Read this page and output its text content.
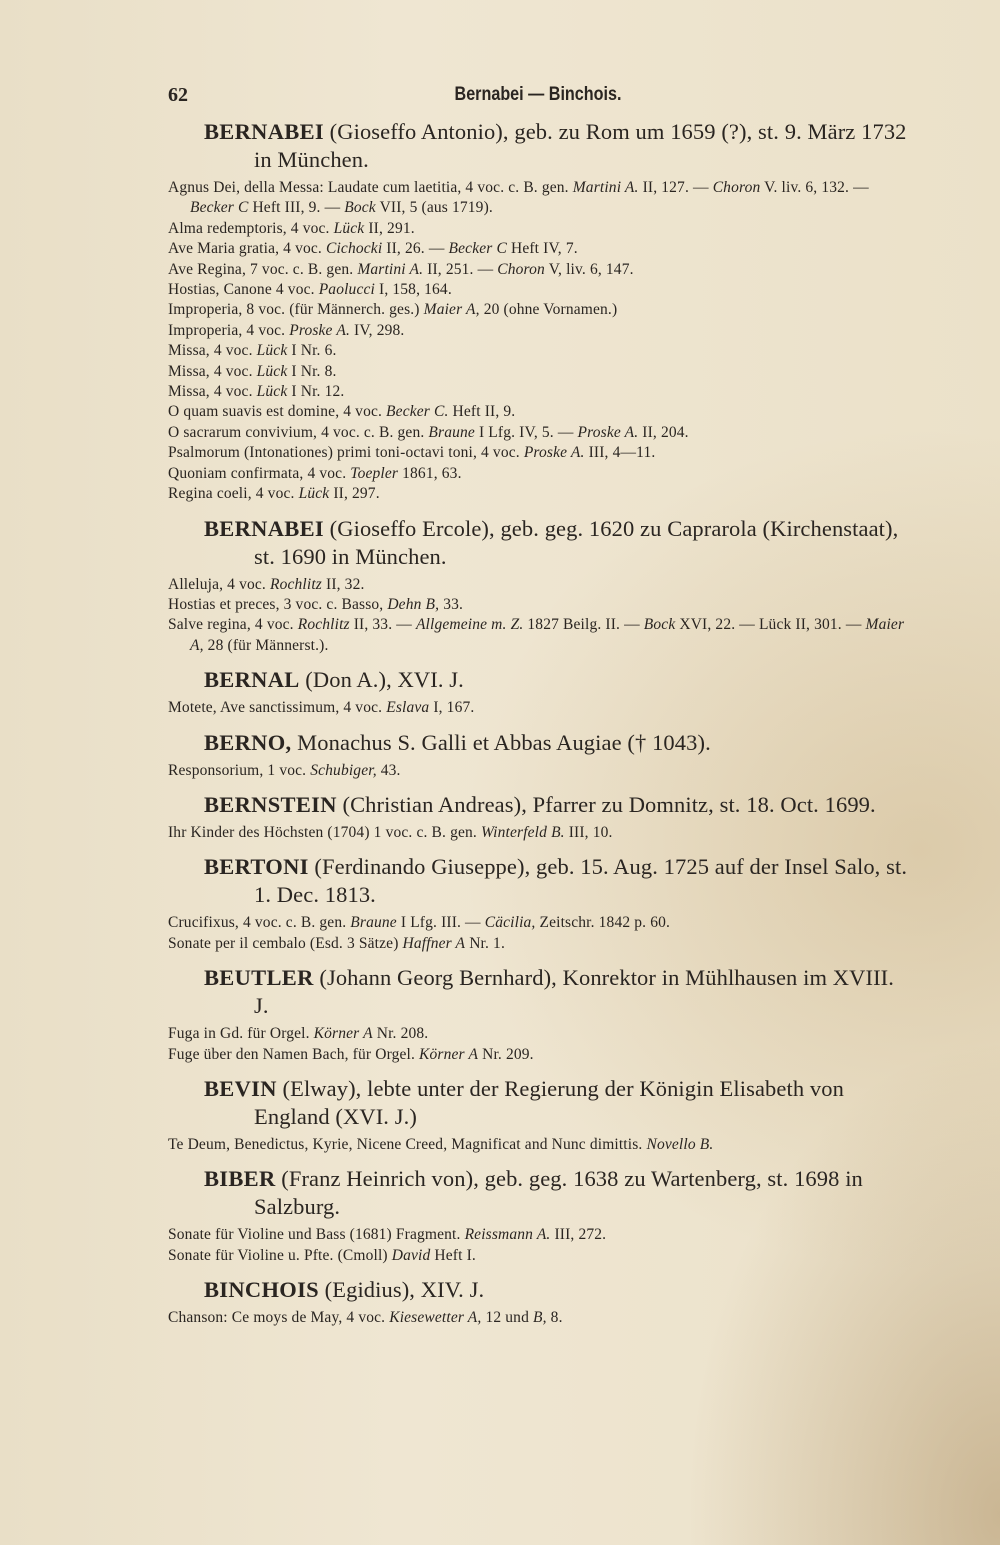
62	Bernabei — Binchois.

BERNABEI (Gioseffo Antonio), geb. zu Rom um 1659 (?), st. 9. März 1732 in München.

Agnus Dei, della Messa: Laudate cum laetitia, 4 voc. c. B. gen. Martini A. II, 127. — Choron V. liv. 6, 132. — Becker C Heft III, 9. — Bock VII, 5 (aus 1719).

Alma redemptoris, 4 voc. Lück II, 291.

Ave Maria gratia, 4 voc. Cichocki II, 26. — Becker C Heft IV, 7.

Ave Regina, 7 voc. c. B. gen. Martini A. II, 251. — Choron V, liv. 6, 147.

Hostias, Canone 4 voc. Paolucci I, 158, 164.

Improperia, 8 voc. (für Männerch. ges.) Maier A, 20 (ohne Vornamen.)

Improperia, 4 voc. Proske A. IV, 298.

Missa, 4 voc. Lück I Nr. 6.

Missa, 4 voc. Lück I Nr. 8.

Missa, 4 voc. Lück I Nr. 12.

O quam suavis est domine, 4 voc. Becker C. Heft II, 9.

O sacrarum convivium, 4 voc. c. B. gen. Braune I Lfg. IV, 5. — Proske A. II, 204.

Psalmorum (Intonationes) primi toni-octavi toni, 4 voc. Proske A. III, 4—11.

Quoniam confirmata, 4 voc. Toepler 1861, 63.

Regina coeli, 4 voc. Lück II, 297.

BERNABEI (Gioseffo Ercole), geb. geg. 1620 zu Caprarola (Kirchenstaat), st. 1690 in München.

Alleluja, 4 voc. Rochlitz II, 32.

Hostias et preces, 3 voc. c. Basso, Dehn B, 33.

Salve regina, 4 voc. Rochlitz II, 33. — Allgemeine m. Z. 1827 Beilg. II. — Bock XVI, 22. — Lück II, 301. — Maier A, 28 (für Männerst.).

BERNAL (Don A.), XVI. J.

Motete, Ave sanctissimum, 4 voc. Eslava I, 167.

BERNO, Monachus S. Galli et Abbas Augiae († 1043).

Responsorium, 1 voc. Schubiger, 43.

BERNSTEIN (Christian Andreas), Pfarrer zu Domnitz, st. 18. Oct. 1699.

Ihr Kinder des Höchsten (1704) 1 voc. c. B. gen. Winterfeld B. III, 10.

BERTONI (Ferdinando Giuseppe), geb. 15. Aug. 1725 auf der Insel Salo, st. 1. Dec. 1813.

Crucifixus, 4 voc. c. B. gen. Braune I Lfg. III. — Cäcilia, Zeitschr. 1842 p. 60.

Sonate per il cembalo (Esd. 3 Sätze) Haffner A Nr. 1.

BEUTLER (Johann Georg Bernhard), Konrektor in Mühlhausen im XVIII. J.

Fuga in Gd. für Orgel. Körner A Nr. 208.

Fuge über den Namen Bach, für Orgel. Körner A Nr. 209.

BEVIN (Elway), lebte unter der Regierung der Königin Elisabeth von England (XVI. J.)

Te Deum, Benedictus, Kyrie, Nicene Creed, Magnificat and Nunc dimittis. Novello B.

BIBER (Franz Heinrich von), geb. geg. 1638 zu Wartenberg, st. 1698 in Salzburg.

Sonate für Violine und Bass (1681) Fragment. Reissmann A. III, 272.

Sonate für Violine u. Pfte. (Cmoll) David Heft I.

BINCHOIS (Egidius), XIV. J.

Chanson: Ce moys de May, 4 voc. Kiesewetter A, 12 und B, 8.
